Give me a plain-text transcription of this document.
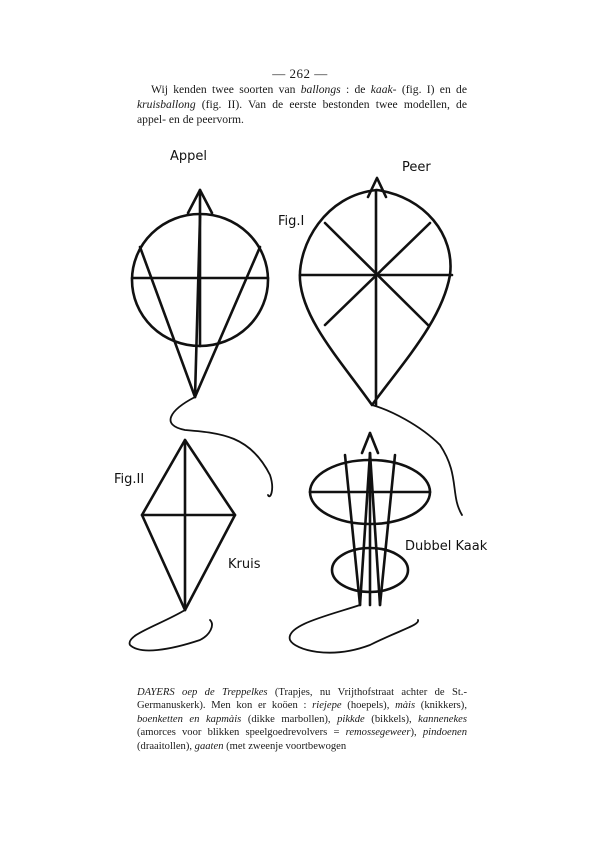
— 262 —

Wij kenden twee soorten van ballongs : de kaak- (fig. I) en de kruisballong (fig. II). Van de eerste bestonden twee modellen, de appel- en de peervorm.

Appel
Peer
Fig.I
Fig.II
Kruis
Dubbel Kaak

DAYERS oep de Treppelkes (Trapjes, nu Vrijthofstraat achter de St.-Germanuskerk). Men kon er koöen : riejepe (hoepels), màis (knikkers), boenketten en kapmàis (dikke marbollen), pikkde (bikkels), kannenekes (amorces voor blikken speelgoedrevolvers = remossegeweer), pindoenen (draaitollen), gaaten (met zweenje voortbewogen
